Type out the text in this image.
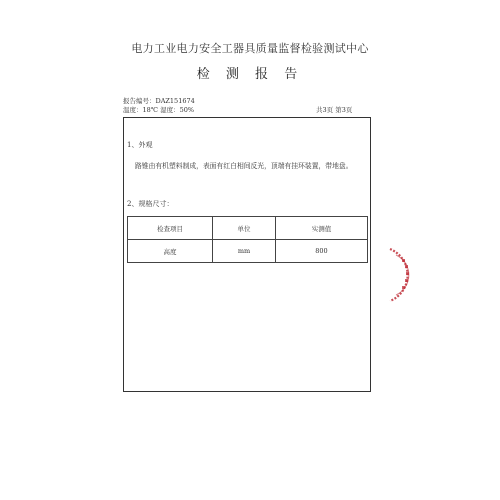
电力工业电力安全工器具质量监督检验测试中心
检 测 报 告
报告编号：DAZ151674
温度：18℃ 湿度：50%	共3页 第3页
1、外观
路锥由有机塑料制成，表面有红白相间反光，顶端有挂环装置，带地盘。
2、规格尺寸：
检查项目	单位	实测值
高度	mm	800
